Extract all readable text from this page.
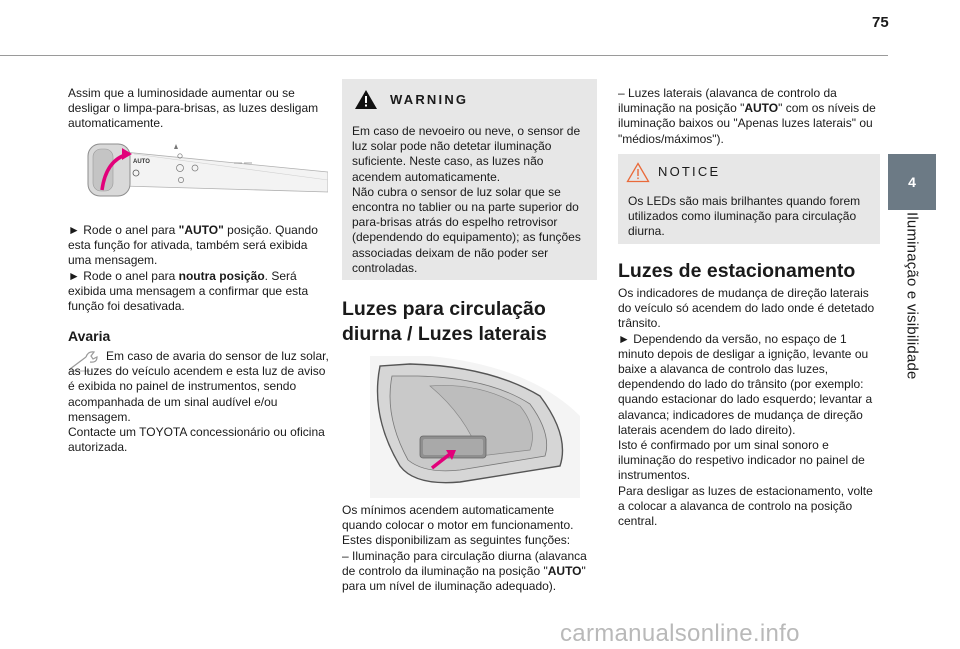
75
4
Iluminação e visibilidade

Assim que a luminosidade aumentar ou se desligar o limpa-para-brisas, as luzes desligam automaticamente.

AUTO

► Rode o anel para "AUTO" posição. Quando esta função for ativada, também será exibida uma mensagem.

► Rode o anel para noutra posição. Será exibida uma mensagem a confirmar que esta função foi desativada.

Avaria

Em caso de avaria do sensor de luz solar, as luzes do veículo acendem e esta luz de aviso é exibida no painel de instrumentos, sendo acompanhada de um sinal audível e/ou mensagem.

Contacte um TOYOTA concessionário ou oficina autorizada.

WARNING

Em caso de nevoeiro ou neve, o sensor de luz solar pode não detetar iluminação suficiente. Neste caso, as luzes não acendem automaticamente.

Não cubra o sensor de luz solar que se encontra no tablier ou na parte superior do para-brisas atrás do espelho retrovisor (dependendo do equipamento); as funções associadas deixam de não poder ser controladas.

Luzes para circulação diurna / Luzes laterais

Os mínimos acendem automaticamente quando colocar o motor em funcionamento.

Estes disponibilizam as seguintes funções:

– Iluminação para circulação diurna (alavanca de controlo da iluminação na posição "AUTO" para um nível de iluminação adequado).

– Luzes laterais (alavanca de controlo da iluminação na posição "AUTO" com os níveis de iluminação baixos ou "Apenas luzes laterais" ou "médios/máximos").

NOTICE

Os LEDs são mais brilhantes quando forem utilizados como iluminação para circulação diurna.

Luzes de estacionamento

Os indicadores de mudança de direção laterais do veículo só acendem do lado onde é detetado trânsito.

► Dependendo da versão, no espaço de 1 minuto depois de desligar a ignição, levante ou baixe a alavanca de controlo das luzes, dependendo do lado do trânsito (por exemplo: quando estacionar do lado esquerdo; levantar a alavanca; indicadores de mudança de direção laterais acendem do lado direito).

Isto é confirmado por um sinal sonoro e iluminação do respetivo indicador no painel de instrumentos.

Para desligar as luzes de estacionamento, volte a colocar a alavanca de controlo na posição central.

carmanualsonline.info
